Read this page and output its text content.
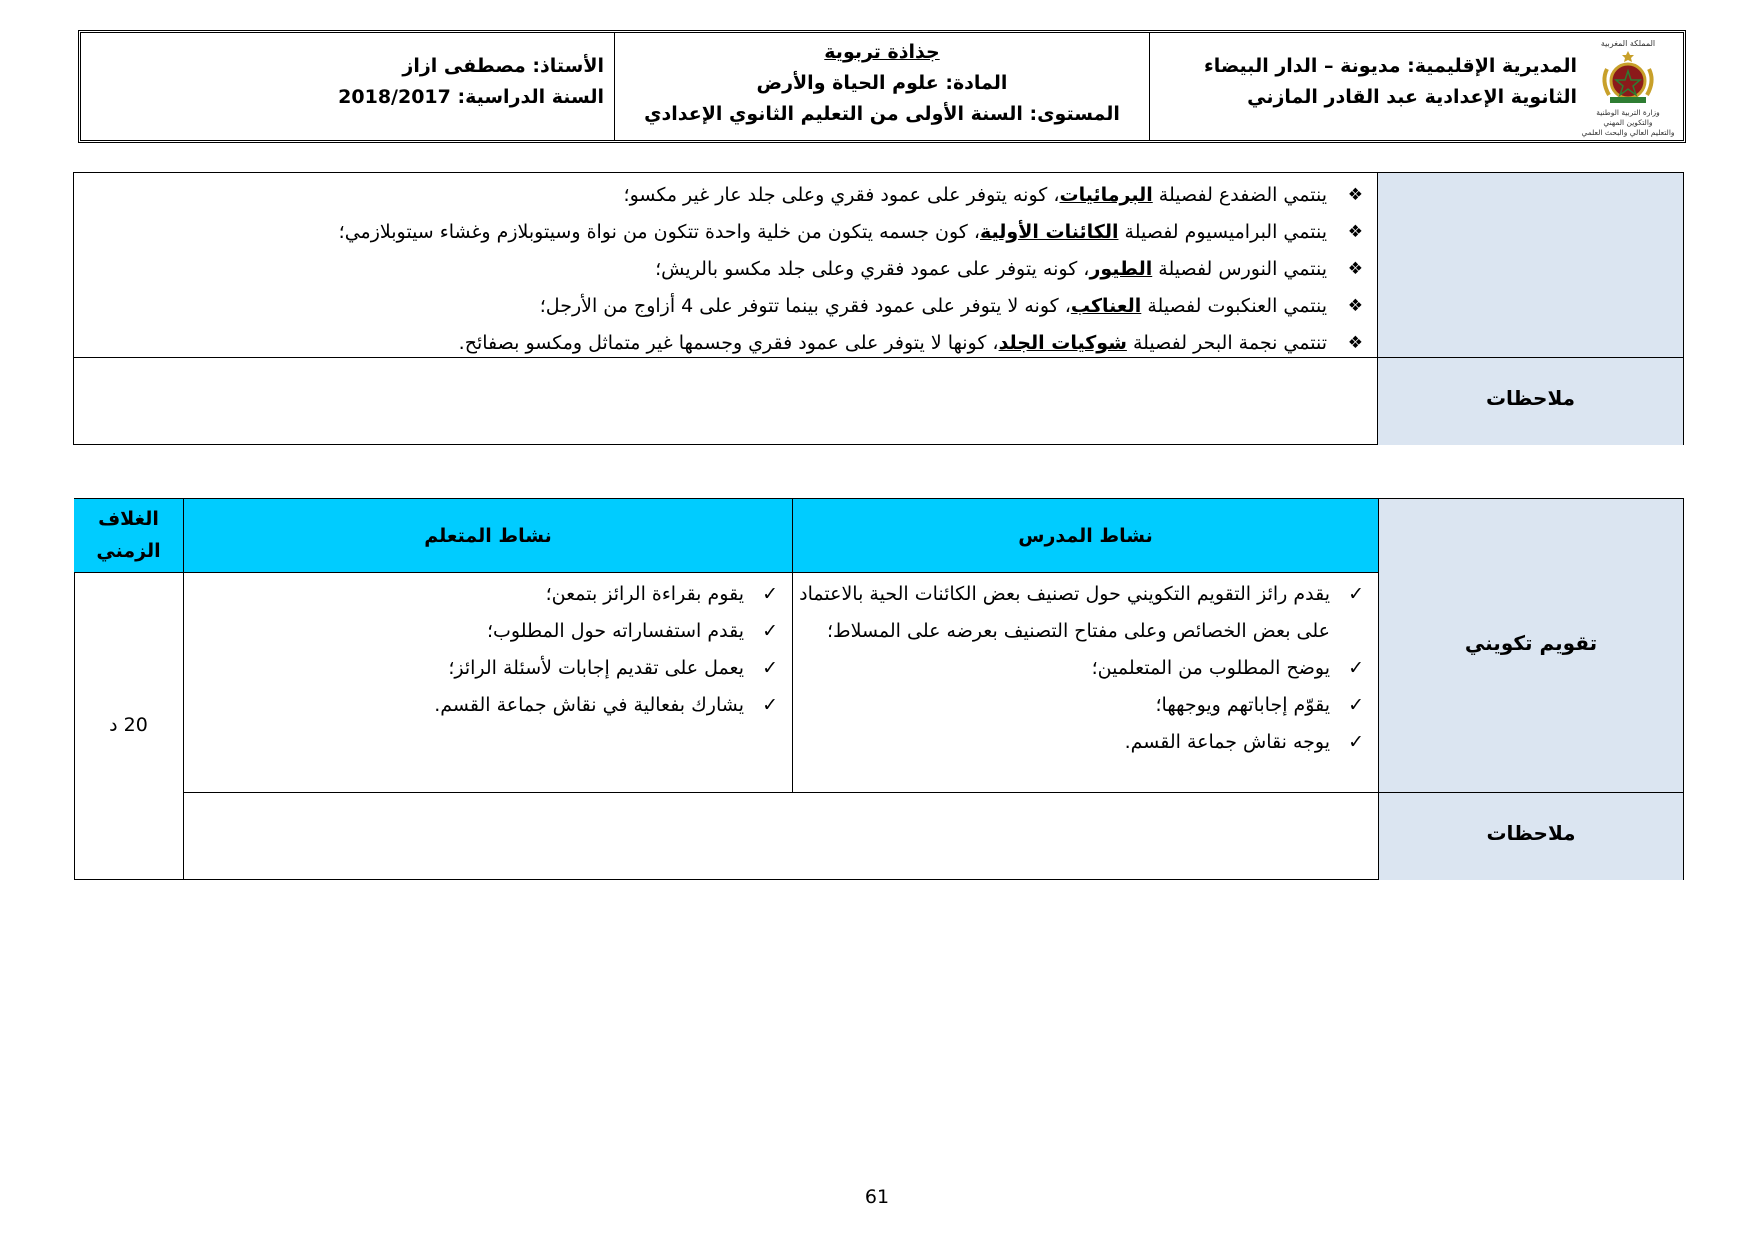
المملكة المغربية
وزارة التربية الوطنية
والتكوين المهني
والتعليم العالي والبحث العلمي
المديرية الإقليمية: مديونة – الدار البيضاء
الثانوية الإعدادية عبد القادر المازني
جذاذة تربوية
المادة: علوم الحياة والأرض
المستوى: السنة الأولى من التعليم الثانوي الإعدادي
الأستاذ: مصطفى ازاز
السنة الدراسية: 2018/2017
❖
ينتمي الضفدع لفصيلة البرمائيات، كونه يتوفر على عمود فقري وعلى جلد عار غير مكسو؛
❖
ينتمي البراميسيوم لفصيلة الكائنات الأولية، كون جسمه يتكون من خلية واحدة تتكون من نواة وسيتوبلازم وغشاء سيتوبلازمي؛
❖
ينتمي النورس لفصيلة الطيور، كونه يتوفر على عمود فقري وعلى جلد مكسو بالريش؛
❖
ينتمي العنكبوت لفصيلة العناكب، كونه لا يتوفر على عمود فقري بينما تتوفر على 4 أزاوج من الأرجل؛
❖
تنتمي نجمة البحر لفصيلة شوكيات الجلد، كونها لا يتوفر على عمود فقري وجسمها غير متماثل ومكسو بصفائح.
ملاحظات
تقويم تكويني
نشاط المدرس
نشاط المتعلم
الغلاف الزمني
✓
يقدم رائز التقويم التكويني حول تصنيف بعض الكائنات الحية بالاعتماد على بعض الخصائص وعلى مفتاح التصنيف بعرضه على المسلاط؛
✓
يوضح المطلوب من المتعلمين؛
✓
يقوّم إجاباتهم ويوجهها؛
✓
يوجه نقاش جماعة القسم.
✓
يقوم بقراءة الرائز بتمعن؛
✓
يقدم استفساراته حول المطلوب؛
✓
يعمل على تقديم إجابات لأسئلة الرائز؛
✓
يشارك بفعالية في نقاش جماعة القسم.
20 د
ملاحظات
61
